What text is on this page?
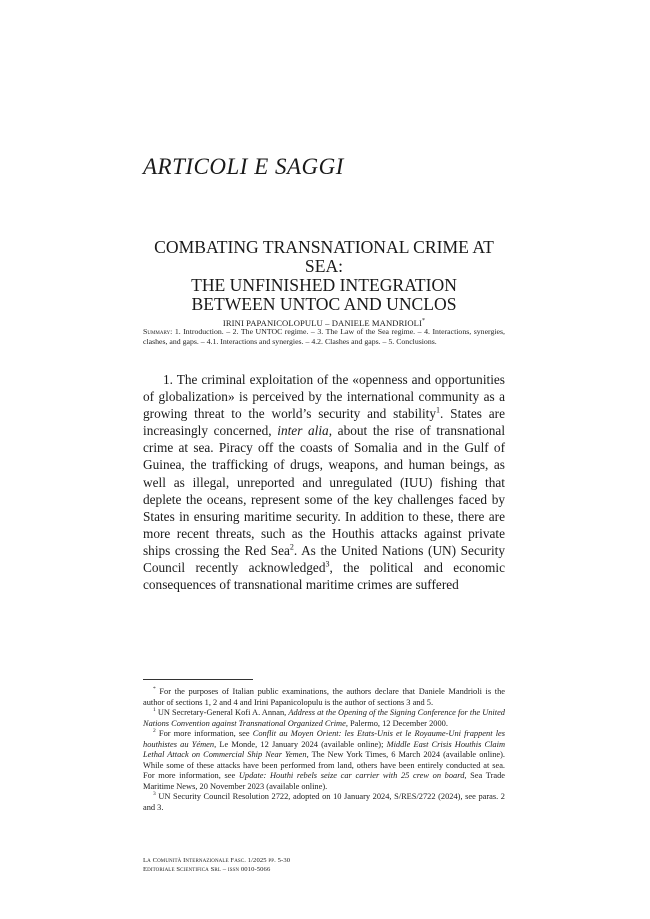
ARTICOLI E SAGGI
COMBATING TRANSNATIONAL CRIME AT SEA:
THE UNFINISHED INTEGRATION
BETWEEN UNTOC AND UNCLOS
IRINI PAPANICOLOPULU – DANIELE MANDRIOLI*
Summary: 1. Introduction. – 2. The UNTOC regime. – 3. The Law of the Sea regime. – 4. Interactions, synergies, clashes, and gaps. – 4.1. Interactions and synergies. – 4.2. Clashes and gaps. – 5. Conclusions.

1. The criminal exploitation of the «openness and opportunities of globalization» is perceived by the international community as a growing threat to the world’s security and stability$^1$. States are increasingly concerned, inter alia, about the rise of transnational crime at sea. Piracy off the coasts of Somalia and in the Gulf of Guinea, the trafficking of drugs, weapons, and human beings, as well as illegal, unreported and unregulated (IUU) fishing that deplete the oceans, represent some of the key challenges faced by States in ensuring maritime security. In addition to these, there are more recent threats, such as the Houthis attacks against private ships crossing the Red Sea$^2$. As the United Nations (UN) Security Council recently acknowledged$^3$, the political and economic consequences of transnational maritime crimes are suffered

* For the purposes of Italian public examinations, the authors declare that Daniele Mandrioli is the author of sections 1, 2 and 4 and Irini Papanicolopulu is the author of sections 3 and 5.

$^1$ UN Secretary-General Kofi A. Annan, Address at the Opening of the Signing Conference for the United Nations Convention against Transnational Organized Crime, Palermo, 12 December 2000.

$^2$ For more information, see Conflit au Moyen Orient: les Etats-Unis et le Royaume-Uni frappent les houthistes au Yémen, Le Monde, 12 January 2024 (available online); Middle East Crisis Houthis Claim Lethal Attack on Commercial Ship Near Yemen, The New York Times, 6 March 2024 (available online). While some of these attacks have been performed from land, others have been entirely conducted at sea. For more information, see Update: Houthi rebels seize car carrier with 25 crew on board, Sea Trade Maritime News, 20 November 2023 (available online).

$^3$ UN Security Council Resolution 2722, adopted on 10 January 2024, S/RES/2722 (2024), see paras. 2 and 3.

La Comunità Internazionale Fasc. 1/2025 pp. 5-30
Editoriale Scientifica Srl – issn 0010-5066
